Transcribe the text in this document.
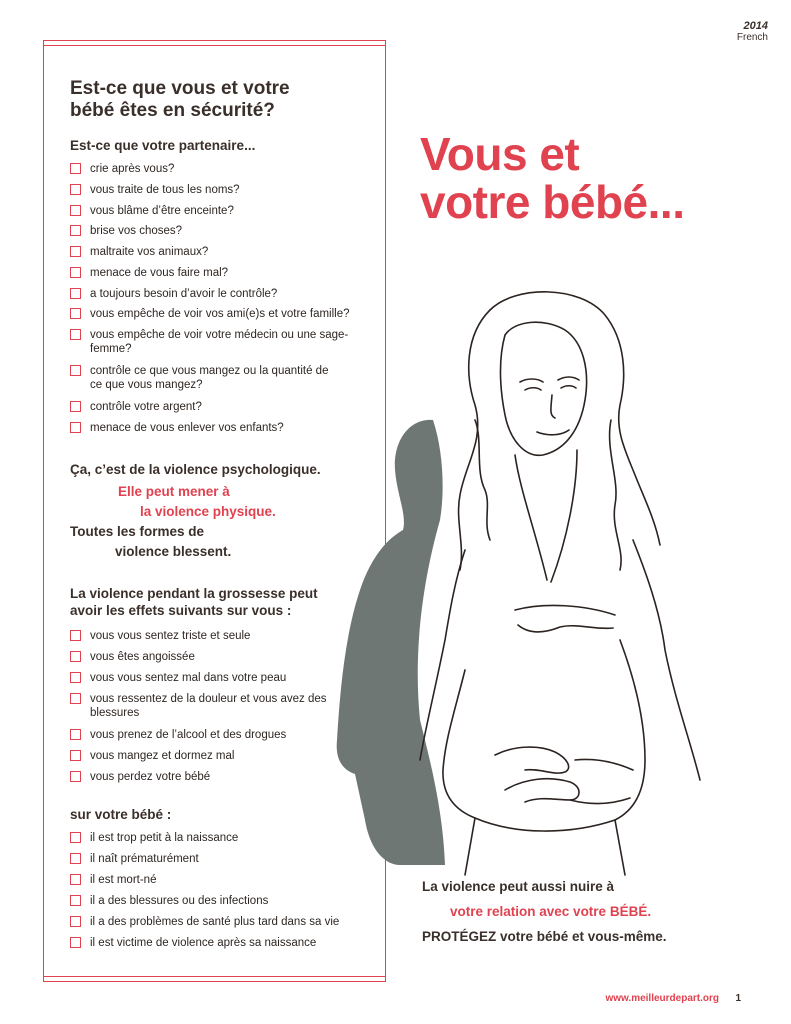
2014
French
Est-ce que vous et votre
bébé êtes en sécurité?
Est-ce que votre partenaire...
crie après vous?
vous traite de tous les noms?
vous blâme d’être enceinte?
brise vos choses?
maltraite vos animaux?
menace de vous faire mal?
a toujours besoin d’avoir le contrôle?
vous empêche de voir vos ami(e)s et votre famille?
vous empêche de voir votre médecin ou une sage-femme?
contrôle ce que vous mangez ou la quantité de ce que vous mangez?
contrôle votre argent?
menace de vous enlever vos enfants?
Ça, c’est de la violence psychologique.
Elle peut mener à
la violence physique.
Toutes les formes de
violence blessent.
La violence pendant la grossesse peut
avoir les effets suivants sur vous :
vous vous sentez triste et seule
vous êtes angoissée
vous vous sentez mal dans votre peau
vous ressentez de la douleur et vous avez des blessures
vous prenez de l’alcool et des drogues
vous mangez et dormez mal
vous perdez votre bébé
sur votre bébé :
il est trop petit à la naissance
il naît prématurément
il est mort-né
il a des blessures ou des infections
il a des problèmes de santé plus tard dans sa vie
il est victime de violence après sa naissance
Vous et
votre bébé...
La violence peut aussi nuire à
votre relation avec votre BÉBÉ.
PROTÉGEZ votre bébé et vous-même.
www.meilleurdepart.org 1
